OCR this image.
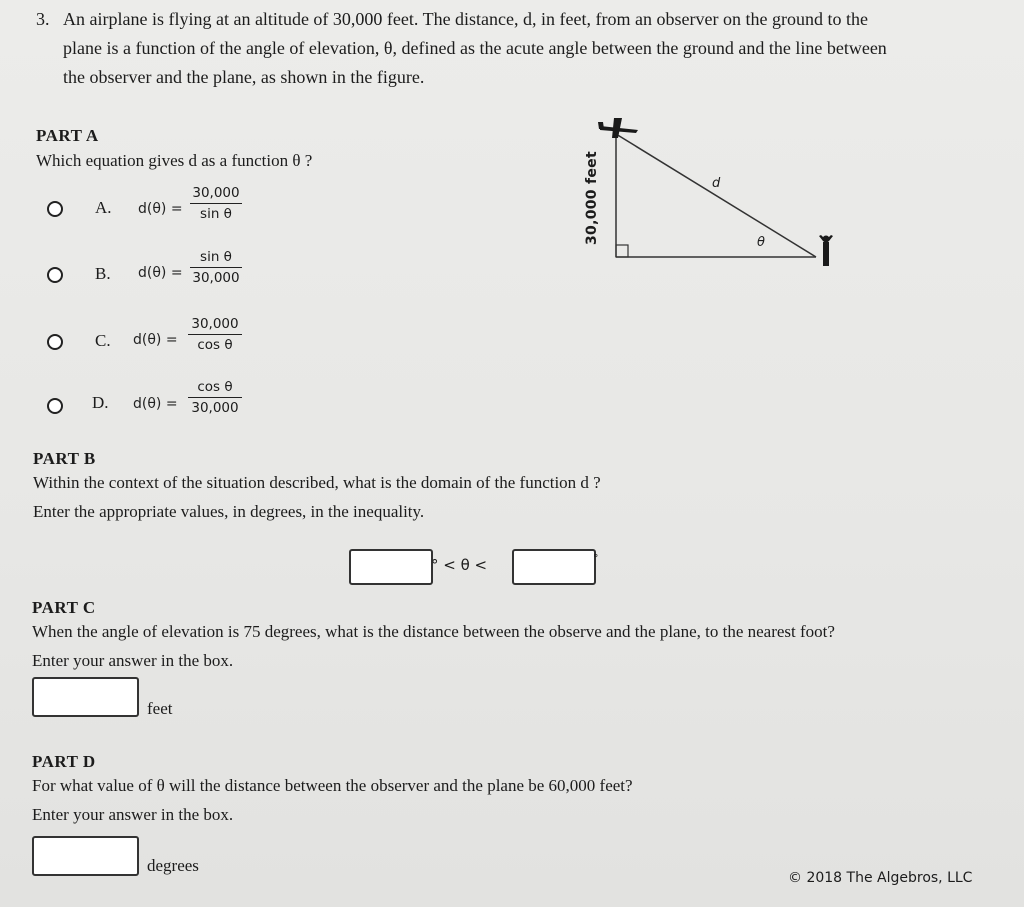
3. An airplane is flying at an altitude of 30,000 feet. The distance, d, in feet, from an observer on the ground to the
plane is a function of the angle of elevation, θ, defined as the acute angle between the ground and the line between
the observer and the plane, as shown in the figure.
PART A
Which equation gives d as a function θ ?
A. $d(\theta) = \frac{30,000}{\text{sin θ}}$
B. $d(\theta) = \frac{\text{sin θ}}{30,000}$
C. $d(\theta) = \frac{30,000}{\text{cos θ}}$
D. $d(\theta) = \frac{\text{cos θ}}{30,000}$
30,000 feet	d
θ
PART B
Within the context of the situation described, what is the domain of the function d ?
Enter the appropriate values, in degrees, in the inequality.
° < θ <	°
PART C
When the angle of elevation is 75 degrees, what is the distance between the observe and the plane, to the nearest foot?
Enter your answer in the box.
feet
PART D
For what value of θ will the distance between the observer and the plane be 60,000 feet?
Enter your answer in the box.
degrees
© 2018 The Algebros, LLC
